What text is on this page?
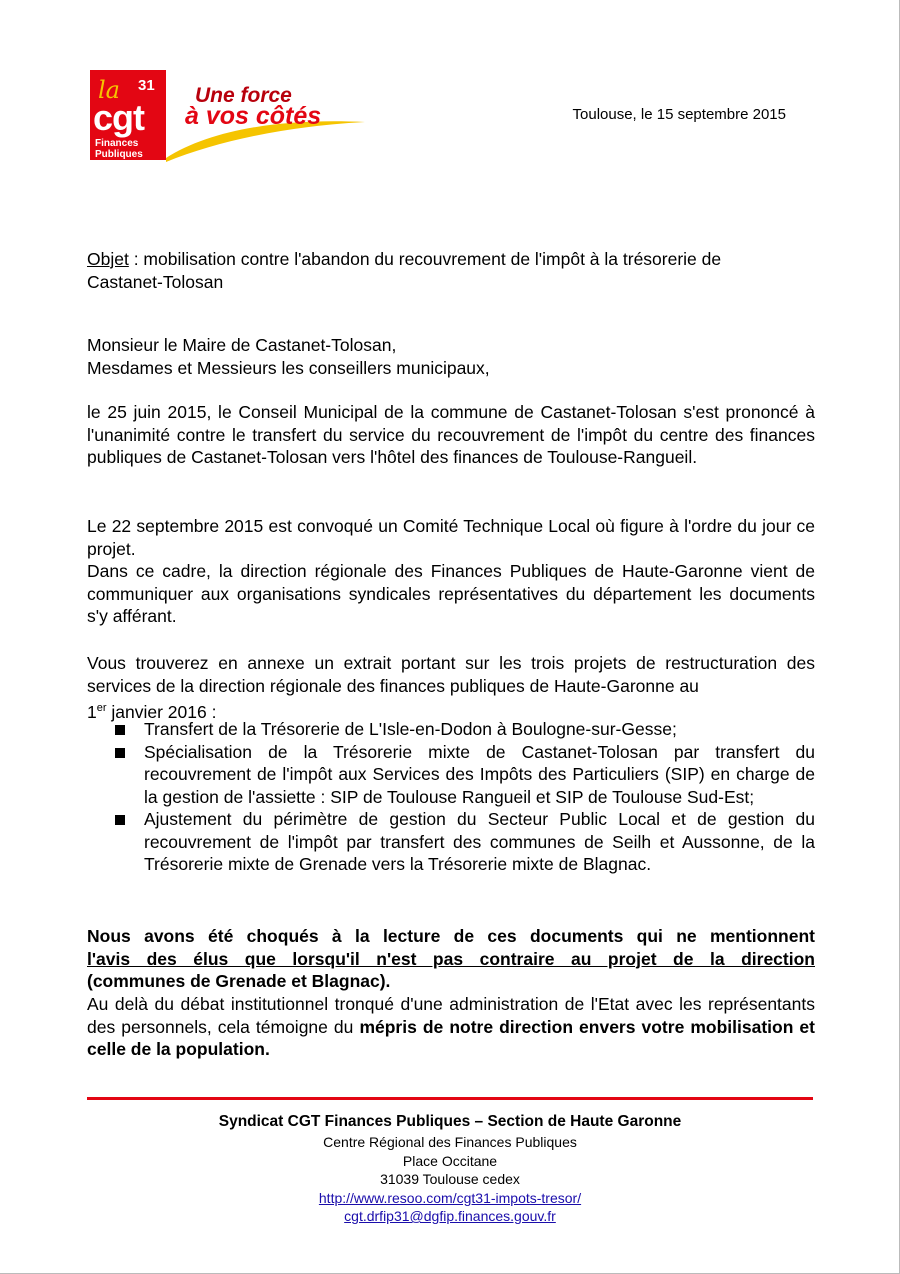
la 31
cgt
Finances
Publiques
Une force
à vos côtés	Toulouse, le 15 septembre 2015

Objet : mobilisation contre l'abandon du recouvrement de l'impôt à la trésorerie de

Castanet-Tolosan

Monsieur le Maire de Castanet-Tolosan,

Mesdames et Messieurs les conseillers municipaux,

le 25 juin 2015, le Conseil Municipal de la commune de Castanet-Tolosan s'est prononcé à l'unanimité contre le transfert du service du recouvrement de l'impôt du centre des finances publiques de Castanet-Tolosan vers l'hôtel des finances de Toulouse-Rangueil.

Le 22 septembre 2015 est convoqué un Comité Technique Local où figure à l'ordre du jour ce projet.

Dans ce cadre, la direction régionale des Finances Publiques de Haute-Garonne vient de communiquer aux organisations syndicales représentatives du département les documents s'y afférant.

Vous trouverez en annexe un extrait portant sur les trois projets de restructuration des services de la direction régionale des finances publiques de Haute-Garonne au

1er janvier 2016 :

Transfert de la Trésorerie de L'Isle-en-Dodon à Boulogne-sur-Gesse;
Spécialisation de la Trésorerie mixte de Castanet-Tolosan par transfert du recouvrement de l'impôt aux Services des Impôts des Particuliers (SIP) en charge de la gestion de l'assiette : SIP de Toulouse Rangueil et SIP de Toulouse Sud-Est;
Ajustement du périmètre de gestion du Secteur Public Local et de gestion du recouvrement de l'impôt par transfert des communes de Seilh et Aussonne, de la Trésorerie mixte de Grenade vers la Trésorerie mixte de Blagnac.

Nous avons été choqués à la lecture de ces documents qui ne mentionnent

l'avis des élus que lorsqu'il n'est pas contraire au projet de la direction

(communes de Grenade et Blagnac).

Au delà du débat institutionnel tronqué d'une administration de l'Etat avec les représentants des personnels, cela témoigne du mépris de notre direction envers votre mobilisation et celle de la population.

Syndicat CGT Finances Publiques – Section de Haute Garonne
Centre Régional des Finances Publiques
Place Occitane
31039 Toulouse cedex
http://www.resoo.com/cgt31-impots-tresor/
cgt.drfip31@dgfip.finances.gouv.fr
